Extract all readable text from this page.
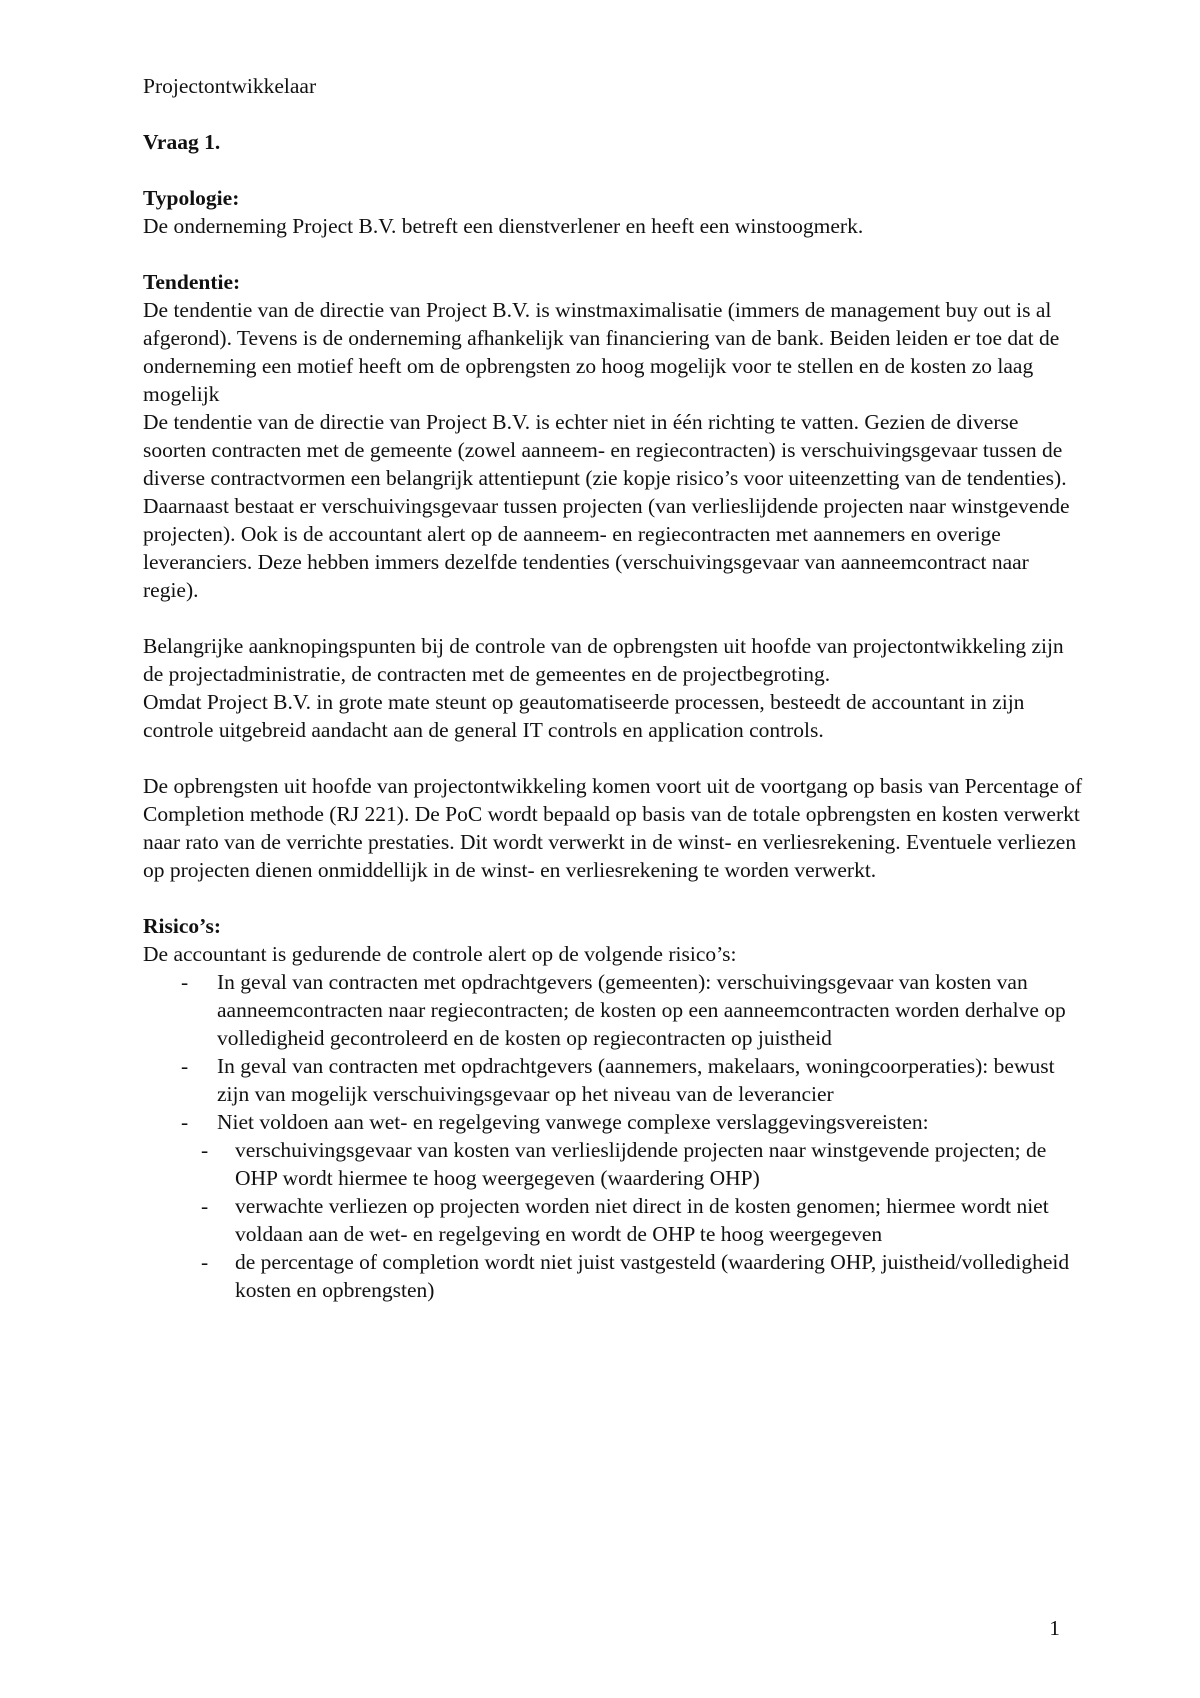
Projectontwikkelaar

Vraag 1.

Typologie:

De onderneming Project B.V. betreft een dienstverlener en heeft een winstoogmerk.

Tendentie:

De tendentie van de directie van Project B.V. is winstmaximalisatie (immers de management buy out is al afgerond). Tevens is de onderneming afhankelijk van financiering van de bank. Beiden leiden er toe dat de onderneming een motief heeft om de opbrengsten zo hoog mogelijk voor te stellen en de kosten zo laag mogelijk

De tendentie van de directie van Project B.V. is echter niet in één richting te vatten. Gezien de diverse soorten contracten met de gemeente (zowel aanneem- en regiecontracten) is verschuivingsgevaar tussen de diverse contractvormen een belangrijk attentiepunt (zie kopje risico’s voor uiteenzetting van de tendenties). Daarnaast bestaat er verschuivingsgevaar tussen projecten (van verlieslijdende projecten naar winstgevende projecten). Ook is de accountant alert op de aanneem- en regiecontracten met aannemers en overige leveranciers. Deze hebben immers dezelfde tendenties (verschuivingsgevaar van aanneemcontract naar regie).

Belangrijke aanknopingspunten bij de controle van de opbrengsten uit hoofde van projectontwikkeling zijn de projectadministratie, de contracten met de gemeentes en de projectbegroting.

Omdat Project B.V. in grote mate steunt op geautomatiseerde processen, besteedt de accountant in zijn controle uitgebreid aandacht aan de general IT controls en application controls.

De opbrengsten uit hoofde van projectontwikkeling komen voort uit de voortgang op basis van Percentage of Completion methode (RJ 221). De PoC wordt bepaald op basis van de totale opbrengsten en kosten verwerkt naar rato van de verrichte prestaties. Dit wordt verwerkt in de winst- en verliesrekening. Eventuele verliezen op projecten dienen onmiddellijk in de winst- en verliesrekening te worden verwerkt.

Risico’s:

De accountant is gedurende de controle alert op de volgende risico’s:

- In geval van contracten met opdrachtgevers (gemeenten): verschuivingsgevaar van kosten van aanneemcontracten naar regiecontracten; de kosten op een aanneemcontracten worden derhalve op volledigheid gecontroleerd en de kosten op regiecontracten op juistheid
- In geval van contracten met opdrachtgevers (aannemers, makelaars, woningcoorperaties): bewust zijn van mogelijk verschuivingsgevaar op het niveau van de leverancier
- Niet voldoen aan wet- en regelgeving vanwege complexe verslaggevingsvereisten:
- verschuivingsgevaar van kosten van verlieslijdende projecten naar winstgevende projecten; de OHP wordt hiermee te hoog weergegeven (waardering OHP)
- verwachte verliezen op projecten worden niet direct in de kosten genomen; hiermee wordt niet voldaan aan de wet- en regelgeving en wordt de OHP te hoog weergegeven
- de percentage of completion wordt niet juist vastgesteld (waardering OHP, juistheid/volledigheid kosten en opbrengsten)
1
